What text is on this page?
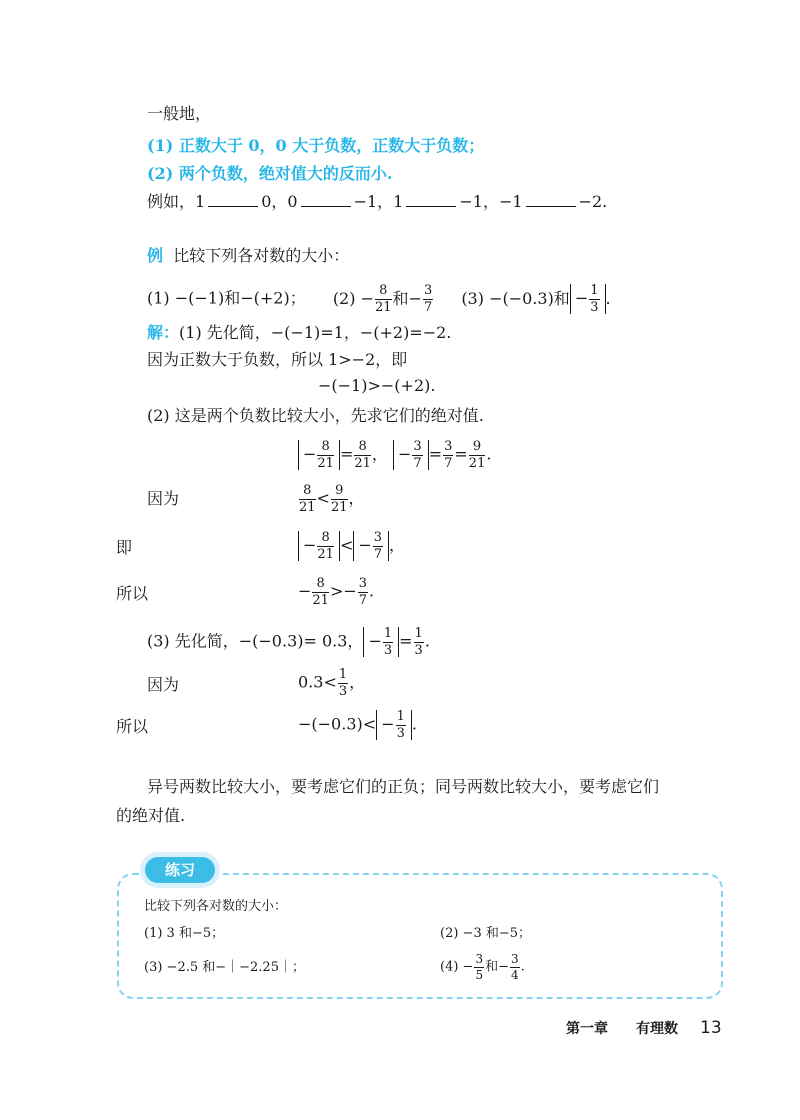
一般地，
(1) 正数大于 0，0 大于负数，正数大于负数；
(2) 两个负数，绝对值大的反而小.
例如，1	0，0	−1，1	−1，−1	−2.
例 比较下列各对数的大小：
(1) −(−1)和−(+2)； $(2) - \frac{8}{21}$ 和− $\frac{3}{7} (3) -(-0.3)$和 − $\frac{1}{3}$ .
解：(1) 先化简，−(−1)=1，−(+2)=−2.
因为正数大于负数，所以 1>−2，即
−(−1)>−(+2).
(2) 这是两个负数比较大小，先求它们的绝对值.
− $\frac{8}{21} = \frac{8}{21}$ ， − $\frac{3}{7} = \frac{3}{7} = \frac{9}{21}$ .
因为	$\frac{8}{21} < \frac{9}{21}$ ，
即	− $\frac{8}{21}$ < − $\frac{3}{7}$ ，
所以	− $\frac{8}{21} >- \frac{3}{7}$ .
(3) 先化简，−(−0.3)= 0.3， − $\frac{1}{3} = \frac{1}{3}$ .
因为	$0.3< \frac{1}{3}$ ，
所以	$-(-0.3)< - \frac{1}{3}$ .
异号两数比较大小，要考虑它们的正负；同号两数比较大小，要考虑它们
的绝对值.
练习
比较下列各对数的大小：
(1) 3 和−5；	(2) −3 和−5；
(3) −2.5 和−｜−2.25｜；	$(4) - \frac{3}{5}$ 和− $\frac{3}{4}$ .
第一章 有理数 13
